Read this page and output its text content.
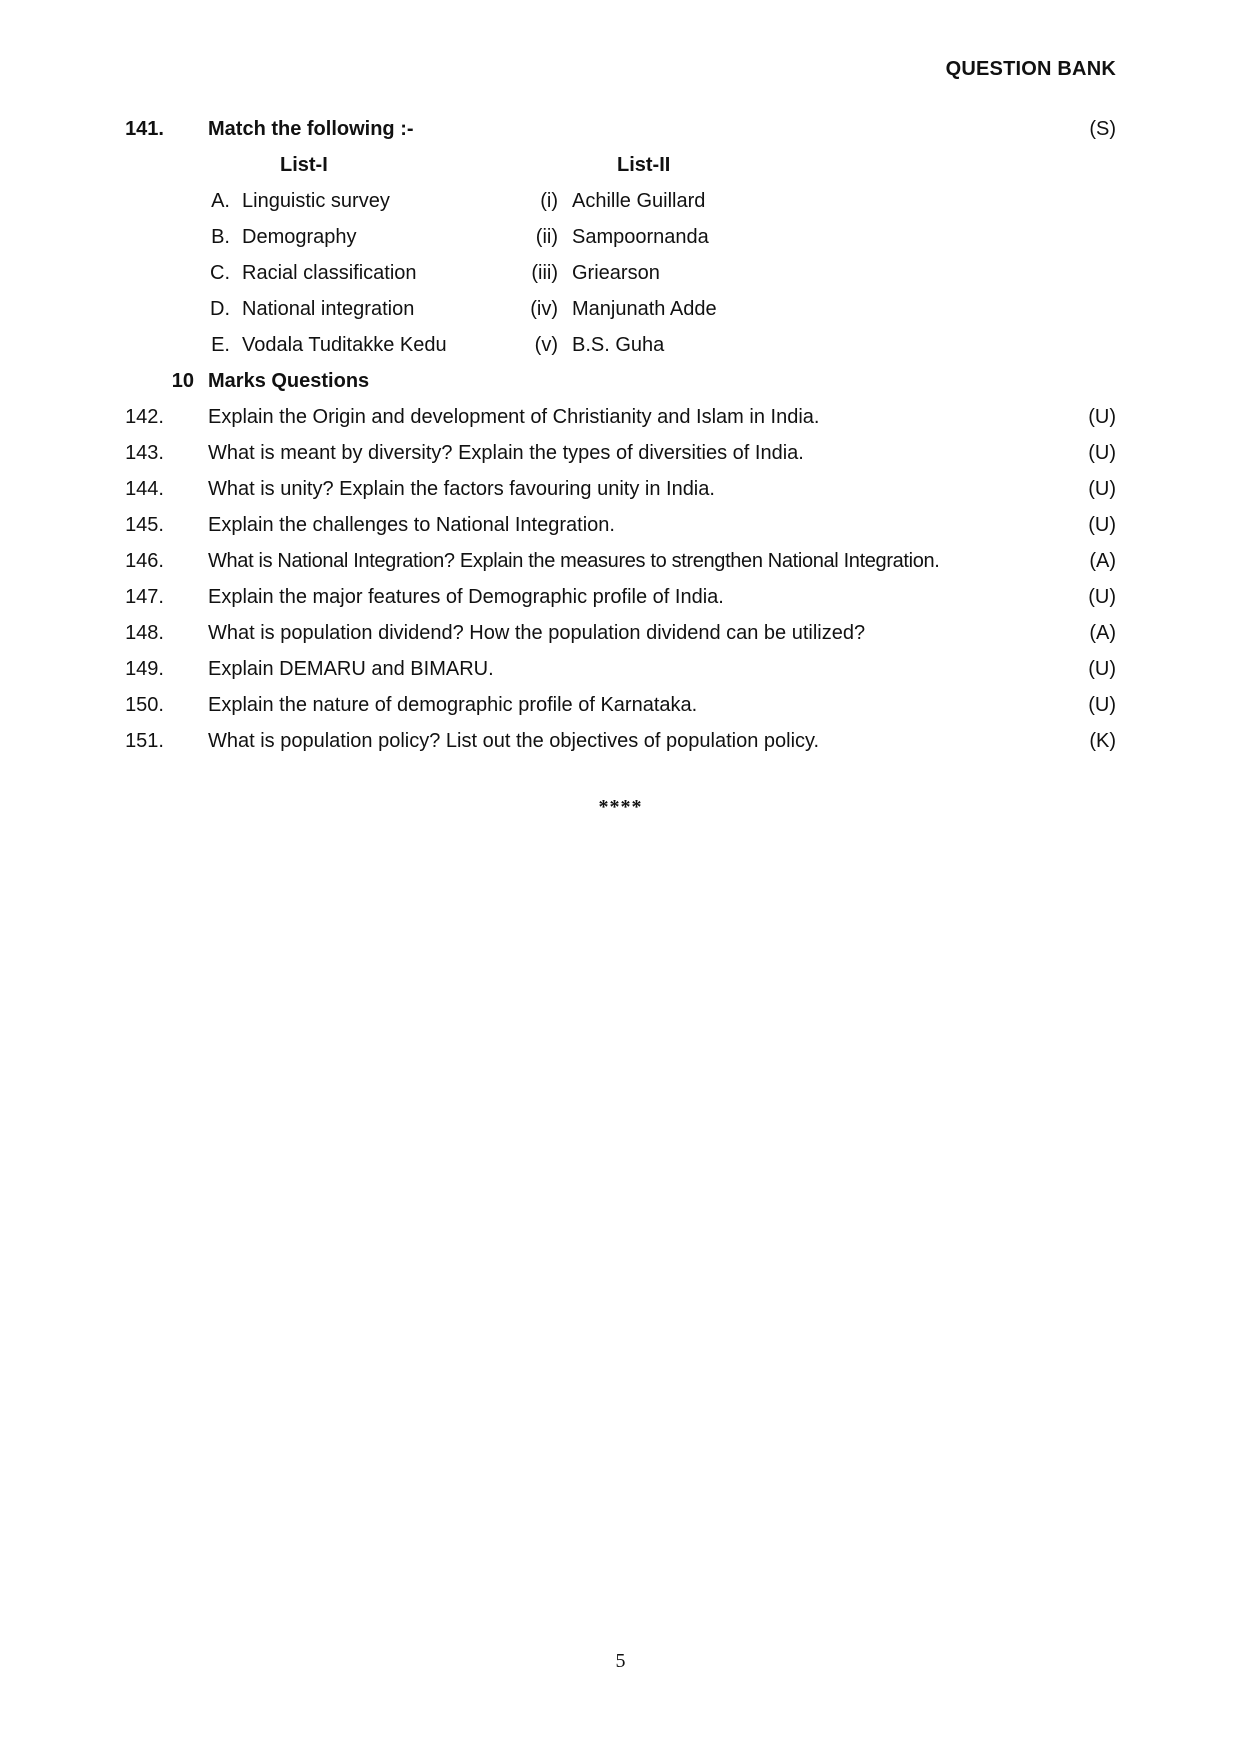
QUESTION BANK
141. Match the following :-	(S)
List-I	List-II
A. Linguistic survey	(i) Achille Guillard
B. Demography	(ii) Sampoornanda
C. Racial classification	(iii) Griearson
D. National integration	(iv) Manjunath Adde
E. Vodala Tuditakke Kedu	(v) B.S. Guha
10 Marks Questions
142. Explain the Origin and development of Christianity and Islam in India.	(U)
143. What is meant by diversity? Explain the types of diversities of India.	(U)
144. What is unity? Explain the factors favouring unity in India.	(U)
145. Explain the challenges to National Integration.	(U)
146. What is National Integration? Explain the measures to strengthen National Integration.	(A)
147. Explain the major features of Demographic profile of India.	(U)
148. What is population dividend? How the population dividend can be utilized?	(A)
149. Explain DEMARU and BIMARU.	(U)
150. Explain the nature of demographic profile of Karnataka.	(U)
151. What is population policy? List out the objectives of population policy.	(K)
****
5
